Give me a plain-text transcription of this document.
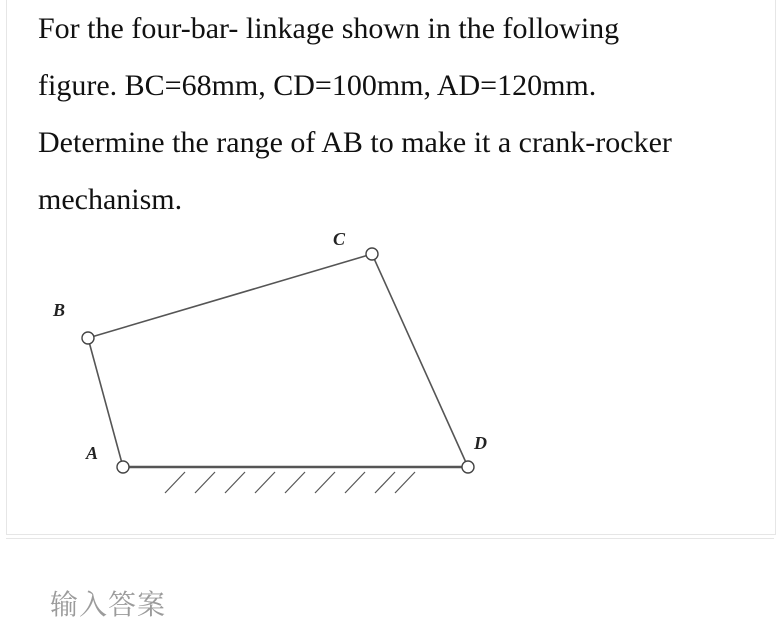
For the four-bar- linkage shown in the following

figure. BC=68mm, CD=100mm, AD=120mm.

Determine the range of AB to make it a crank-rocker

mechanism.

A
B
C
D
输入答案
